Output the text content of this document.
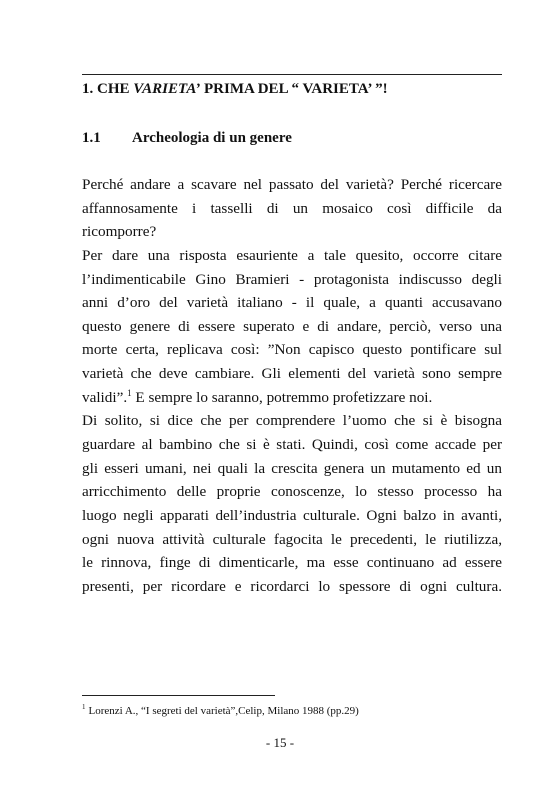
1. CHE VARIETA’ PRIMA DEL “ VARIETA’ ”!
1.1 Archeologia di un genere
Perché andare a scavare nel passato del varietà? Perché ricercare
affannosamente i tasselli di un mosaico così difficile da
ricomporre?
Per dare una risposta esauriente a tale quesito, occorre citare
l’indimenticabile Gino Bramieri - protagonista indiscusso degli
anni d’oro del varietà italiano - il quale, a quanti accusavano
questo genere di essere superato e di andare, perciò, verso una
morte certa, replicava così: ”Non capisco questo pontificare sul
varietà che deve cambiare. Gli elementi del varietà sono sempre
validi”.$^1$ E sempre lo saranno, potremmo profetizzare noi.
Di solito, si dice che per comprendere l’uomo che si è bisogna
guardare al bambino che si è stati. Quindi, così come accade per
gli esseri umani, nei quali la crescita genera un mutamento ed un
arricchimento delle proprie conoscenze, lo stesso processo ha
luogo negli apparati dell’industria culturale. Ogni balzo in avanti,
ogni nuova attività culturale fagocita le precedenti, le riutilizza,
le rinnova, finge di dimenticarle, ma esse continuano ad essere
presenti, per ricordare e ricordarci lo spessore di ogni cultura.
$^1$ Lorenzi A., “I segreti del varietà”,Celip, Milano 1988 (pp.29)
- 15 -
